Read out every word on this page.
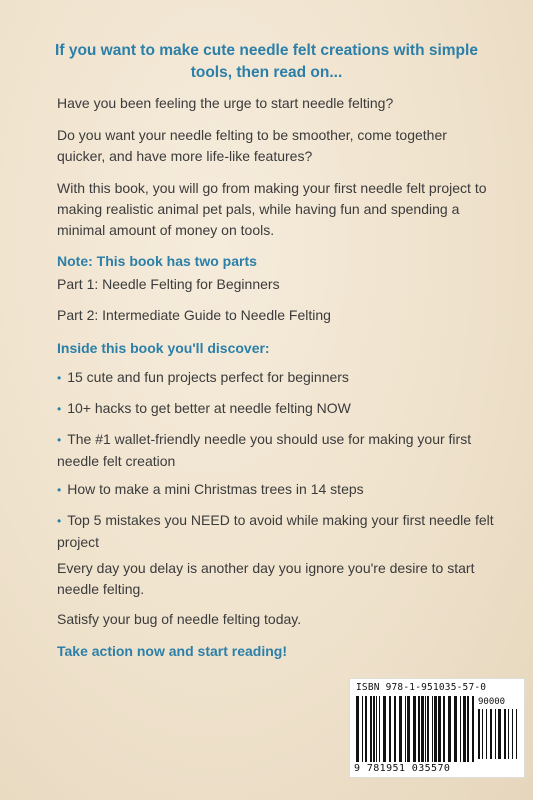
If you want to make cute needle felt creations with simple tools, then read on...
Have you been feeling the urge to start needle felting?
Do you want your needle felting to be smoother, come together quicker, and have more life-like features?
With this book, you will go from making your first needle felt project to making realistic animal pet pals, while having fun and spending a minimal amount of money on tools.
Note: This book has two parts
Part 1: Needle Felting for Beginners
Part 2: Intermediate Guide to Needle Felting
Inside this book you'll discover:
• 15 cute and fun projects perfect for beginners
• 10+ hacks to get better at needle felting NOW
• The #1 wallet-friendly needle you should use for making your first needle felt creation
• How to make a mini Christmas trees in 14 steps
• Top 5 mistakes you NEED to avoid while making your first needle felt project
Every day you delay is another day you ignore you're desire to start needle felting.
Satisfy your bug of needle felting today.
Take action now and start reading!
ISBN 978-1-951035-57-0
90000
9 781951 035570
